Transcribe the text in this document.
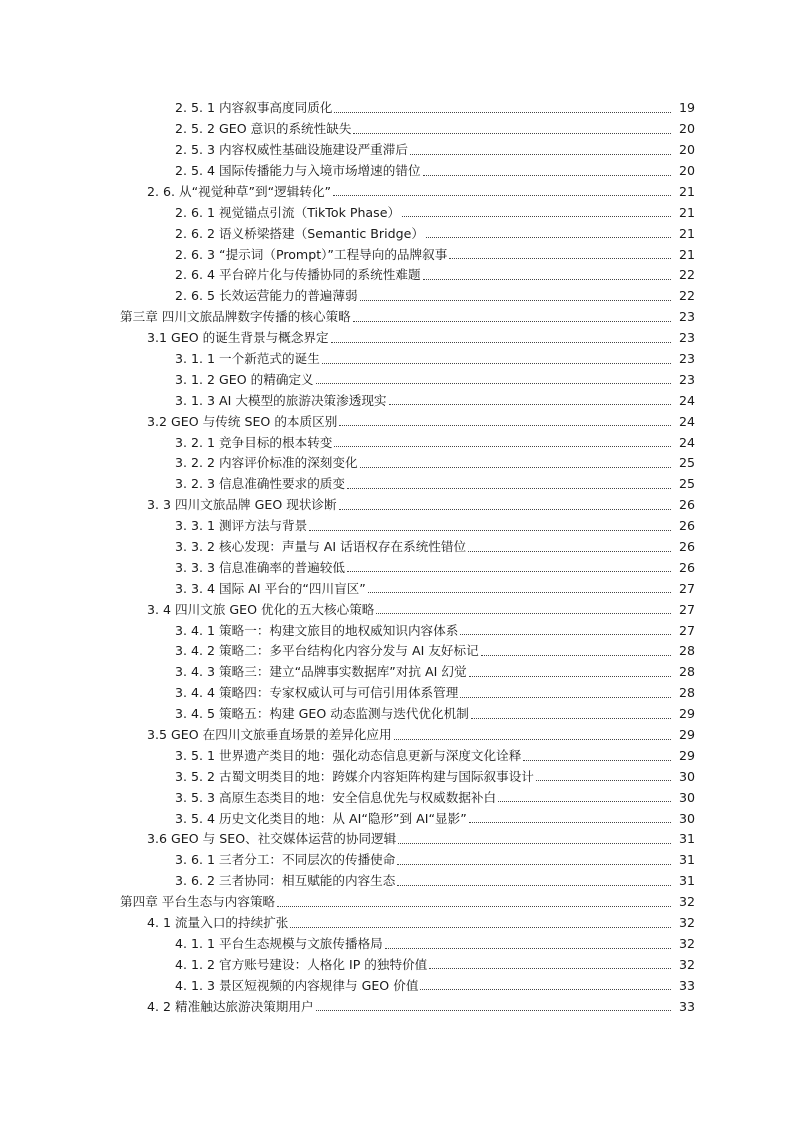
2. 5. 1 内容叙事高度同质化	19
2. 5. 2 GEO 意识的系统性缺失	20
2. 5. 3 内容权威性基础设施建设严重滞后	20
2. 5. 4 国际传播能力与入境市场增速的错位	20
2. 6. 从“视觉种草”到“逻辑转化”	21
2. 6. 1 视觉锚点引流（TikTok Phase）	21
2. 6. 2 语义桥梁搭建（Semantic Bridge）	21
2. 6. 3 “提示词（Prompt）”工程导向的品牌叙事	21
2. 6. 4 平台碎片化与传播协同的系统性难题	22
2. 6. 5 长效运营能力的普遍薄弱	22
第三章 四川文旅品牌数字传播的核心策略	23
3.1 GEO 的诞生背景与概念界定	23
3. 1. 1 一个新范式的诞生	23
3. 1. 2 GEO 的精确定义	23
3. 1. 3 AI 大模型的旅游决策渗透现实	24
3.2 GEO 与传统 SEO 的本质区别	24
3. 2. 1 竞争目标的根本转变	24
3. 2. 2 内容评价标准的深刻变化	25
3. 2. 3 信息准确性要求的质变	25
3. 3 四川文旅品牌 GEO 现状诊断	26
3. 3. 1 测评方法与背景	26
3. 3. 2 核心发现：声量与 AI 话语权存在系统性错位	26
3. 3. 3 信息准确率的普遍较低	26
3. 3. 4 国际 AI 平台的“四川盲区”	27
3. 4 四川文旅 GEO 优化的五大核心策略	27
3. 4. 1 策略一：构建文旅目的地权威知识内容体系	27
3. 4. 2 策略二：多平台结构化内容分发与 AI 友好标记	28
3. 4. 3 策略三：建立“品牌事实数据库”对抗 AI 幻觉	28
3. 4. 4 策略四：专家权威认可与可信引用体系管理	28
3. 4. 5 策略五：构建 GEO 动态监测与迭代优化机制	29
3.5 GEO 在四川文旅垂直场景的差异化应用	29
3. 5. 1 世界遗产类目的地：强化动态信息更新与深度文化诠释	29
3. 5. 2 古蜀文明类目的地：跨媒介内容矩阵构建与国际叙事设计	30
3. 5. 3 高原生态类目的地：安全信息优先与权威数据补白	30
3. 5. 4 历史文化类目的地：从 AI“隐形”到 AI“显影”	30
3.6 GEO 与 SEO、社交媒体运营的协同逻辑	31
3. 6. 1 三者分工：不同层次的传播使命	31
3. 6. 2 三者协同：相互赋能的内容生态	31
第四章 平台生态与内容策略	32
4. 1 流量入口的持续扩张	32
4. 1. 1 平台生态规模与文旅传播格局	32
4. 1. 2 官方账号建设：人格化 IP 的独特价值	32
4. 1. 3 景区短视频的内容规律与 GEO 价值	33
4. 2 精准触达旅游决策期用户	33
